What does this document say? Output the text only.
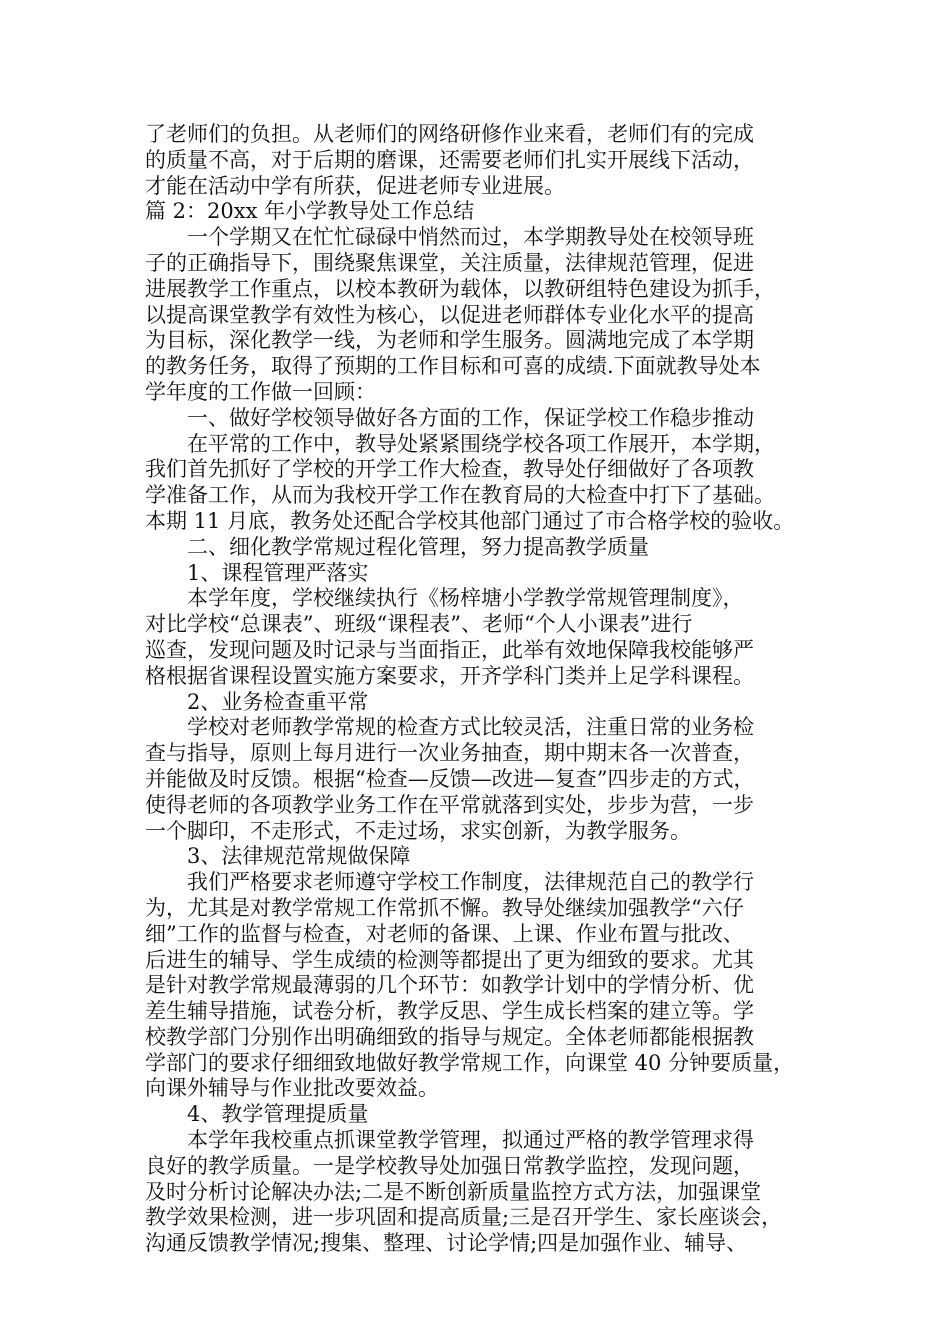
了老师们的负担。从老师们的网络研修作业来看，老师们有的完成
的质量不高，对于后期的磨课，还需要老师们扎实开展线下活动，
才能在活动中学有所获，促进老师专业进展。
篇 2：20xx 年小学教导处工作总结
一个学期又在忙忙碌碌中悄然而过，本学期教导处在校领导班
子的正确指导下，围绕聚焦课堂，关注质量，法律规范管理，促进
进展教学工作重点，以校本教研为载体，以教研组特色建设为抓手，
以提高课堂教学有效性为核心，以促进老师群体专业化水平的提高
为目标，深化教学一线，为老师和学生服务。圆满地完成了本学期
的教务任务，取得了预期的工作目标和可喜的成绩.下面就教导处本
学年度的工作做一回顾：
一、做好学校领导做好各方面的工作，保证学校工作稳步推动
在平常的工作中，教导处紧紧围绕学校各项工作展开，本学期，
我们首先抓好了学校的开学工作大检查，教导处仔细做好了各项教
学准备工作，从而为我校开学工作在教育局的大检查中打下了基础。
本期 11 月底，教务处还配合学校其他部门通过了市合格学校的验收。
二、细化教学常规过程化管理，努力提高教学质量
1、课程管理严落实
本学年度，学校继续执行《杨梓塘小学教学常规管理制度》，
对比学校“总课表”、班级“课程表”、老师“个人小课表”进行
巡查，发现问题及时记录与当面指正，此举有效地保障我校能够严
格根据省课程设置实施方案要求，开齐学科门类并上足学科课程。
2、业务检查重平常
学校对老师教学常规的检查方式比较灵活，注重日常的业务检
查与指导，原则上每月进行一次业务抽查，期中期末各一次普查，
并能做及时反馈。根据“检查—反馈—改进—复查”四步走的方式，
使得老师的各项教学业务工作在平常就落到实处，步步为营，一步
一个脚印，不走形式，不走过场，求实创新，为教学服务。
3、法律规范常规做保障
我们严格要求老师遵守学校工作制度，法律规范自己的教学行
为，尤其是对教学常规工作常抓不懈。教导处继续加强教学“六仔
细”工作的监督与检查，对老师的备课、上课、作业布置与批改、
后进生的辅导、学生成绩的检测等都提出了更为细致的要求。尤其
是针对教学常规最薄弱的几个环节：如教学计划中的学情分析、优
差生辅导措施，试卷分析，教学反思、学生成长档案的建立等。学
校教学部门分别作出明确细致的指导与规定。全体老师都能根据教
学部门的要求仔细细致地做好教学常规工作，向课堂 40 分钟要质量，
向课外辅导与作业批改要效益。
4、教学管理提质量
本学年我校重点抓课堂教学管理，拟通过严格的教学管理求得
良好的教学质量。一是学校教导处加强日常教学监控，发现问题，
及时分析讨论解决办法;二是不断创新质量监控方式方法，加强课堂
教学效果检测，进一步巩固和提高质量;三是召开学生、家长座谈会，
沟通反馈教学情况;搜集、整理、讨论学情;四是加强作业、辅导、
